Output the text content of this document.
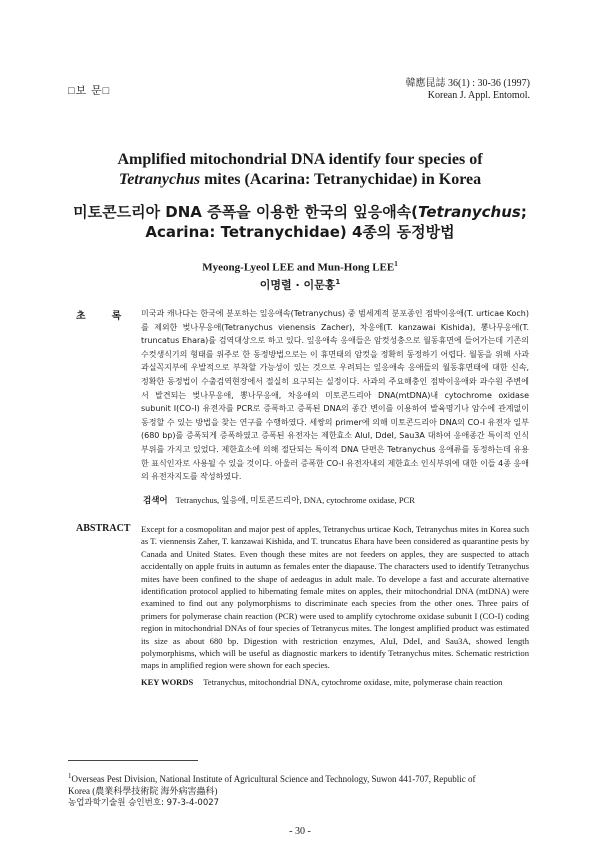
□보 문□
韓應昆誌 36(1) : 30-36 (1997)
Korean J. Appl. Entomol.
Amplified mitochondrial DNA identify four species of
Tetranychus mites (Acarina: Tetranychidae) in Korea
미토콘드리아 DNA 증폭을 이용한 한국의 잎응애속(Tetranychus;
Acarina: Tetranychidae) 4종의 동정방법
Myeong-Lyeol LEE and Mun-Hong LEE$^1$
이명렬 · 이문홍$^1$
초록
미국과 캐나다는 한국에 분포하는 잎응애속(Tetranychus) 중 범세계적 분포종인 점박이응애(T. urticae Koch)를 제외한 벚나무응애(Tetranychus vienensis Zacher), 차응애(T. kanzawai Kishida), 뽕나무응애(T. truncatus Ehara)를 검역대상으로 하고 있다. 잎응애속 응애들은 암컷성충으로 월동휴면에 들어가는데 기존의 수컷생식기의 형태를 위주로 한 동정방법으로는 이 휴면태의 암컷을 정확히 동정하기 어렵다. 월동을 위해 사과 과실꼭지부에 우발적으로 부착할 가능성이 있는 것으로 우려되는 잎응애속 응애들의 월동휴면태에 대한 신속, 정확한 동정법이 수출검역현장에서 절실히 요구되는 실정이다. 사과의 주요해충인 점박이응애와 과수원 주변에서 발견되는 벚나무응애, 뽕나무응애, 차응애의 미토콘드리아 DNA(mtDNA)내 cytochrome oxidase subunit I(CO-I) 유전자를 PCR로 증폭하고 증폭된 DNA의 종간 변이를 이용하여 발육명기나 암수에 관계없이 동정할 수 있는 방법을 찾는 연구를 수행하였다. 세쌍의 primer에 의해 미토콘드리아 DNA의 CO-I 유전자 일부(680 bp)를 증폭되게 증폭하였고 증폭된 유전자는 제한효소 AluI, DdeI, Sau3A 대하여 응애종간 특이적 인식부위를 가지고 있었다. 제한효소에 의해 절단되는 특이적 DNA 단편은 Tetranychus 응애류를 동정하는데 유용한 표식인자로 사용될 수 있을 것이다. 아울러 증폭한 CO-I 유전자내의 제한효소 인식부위에 대한 이들 4종 응애의 유전자지도를 작성하였다.
검색어 Tetranychus, 잎응애, 미토콘드리아, DNA, cytochrome oxidase, PCR
ABSTRACT Except for a cosmopolitan and major pest of apples, Tetranychus urticae Koch, Tetranychus mites in Korea such as T. viennensis Zaher, T. kanzawai Kishida, and T. truncatus Ehara have been considered as quarantine pests by Canada and United States. Even though these mites are not feeders on apples, they are suspected to attach accidentally on apple fruits in autumn as females enter the diapause. The characters used to identify Tetranychus mites have been confined to the shape of aedeagus in adult male. To develope a fast and accurate alternative identification protocol applied to hibernating female mites on apples, their mitochondrial DNA (mtDNA) were examined to find out any polymorphisms to discriminate each species from the other ones. Three pairs of primers for polymerase chain reaction (PCR) were used to amplify cytochrome oxidase subunit I (CO-I) coding region in mitochondrial DNAs of four species of Tetranycus mites. The longest amplified product was estimated its size as about 680 bp. Digestion with restriction enzymes, AluI, DdeI, and Sau3A, showed length polymorphisms, which will be useful as diagnostic markers to identify Tetranychus mites. Schematic restriction maps in amplified region were shown for each species.
KEY WORDS Tetranychus, mitochondrial DNA, cytochrome oxidase, mite, polymerase chain reaction
$^1$Overseas Pest Division, National Institute of Agricultural Science and Technology, Suwon 441-707, Republic of
Korea (農業科學技術院 海外病害蟲科)
농업과학기술원 승인번호: 97-3-4-0027
- 30 -
